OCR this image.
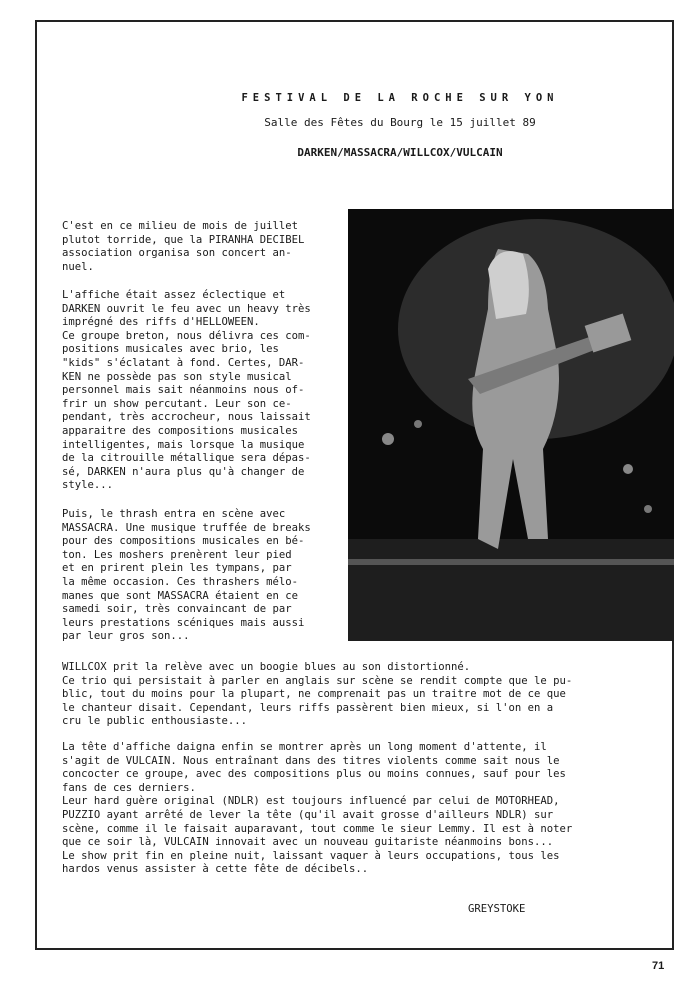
FESTIVAL DE LA ROCHE SUR YON
Salle des Fêtes du Bourg le 15 juillet 89
DARKEN/MASSACRA/WILLCOX/VULCAIN

C'est en ce milieu de mois de juillet
plutot torride, que la PIRANHA DECIBEL
association organisa son concert an-
nuel.

L'affiche était assez éclectique et
DARKEN ouvrit le feu avec un heavy très
imprégné des riffs d'HELLOWEEN.
Ce groupe breton, nous délivra ces com-
positions musicales avec brio, les
"kids" s'éclatant à fond. Certes, DAR-
KEN ne possède pas son style musical
personnel mais sait néanmoins nous of-
frir un show percutant. Leur son ce-
pendant, très accrocheur, nous laissait
apparaitre des compositions musicales
intelligentes, mais lorsque la musique
de la citrouille métallique sera dépas-
sé, DARKEN n'aura plus qu'à changer de
style...

Puis, le thrash entra en scène avec
MASSACRA. Une musique truffée de breaks
pour des compositions musicales en bé-
ton. Les moshers prenèrent leur pied
et en prirent plein les tympans, par
la même occasion. Ces thrashers mélo-
manes que sont MASSACRA étaient en ce
samedi soir, très convaincant de par
leurs prestations scéniques mais aussi
par leur gros son...

WILLCOX prit la relève avec un boogie blues au son distortionné.
Ce trio qui persistait à parler en anglais sur scène se rendit compte que le pu-
blic, tout du moins pour la plupart, ne comprenait pas un traitre mot de ce que
le chanteur disait. Cependant, leurs riffs passèrent bien mieux, si l'on en a
cru le public enthousiaste...

La tête d'affiche daigna enfin se montrer après un long moment d'attente, il
s'agit de VULCAIN. Nous entraînant dans des titres violents comme sait nous le
concocter ce groupe, avec des compositions plus ou moins connues, sauf pour les
fans de ces derniers.
Leur hard guère original (NDLR) est toujours influencé par celui de MOTORHEAD,
PUZZIO ayant arrêté de lever la tête (qu'il avait grosse d'ailleurs NDLR) sur
scène, comme il le faisait auparavant, tout comme le sieur Lemmy. Il est à noter
que ce soir là, VULCAIN innovait avec un nouveau guitariste néanmoins bons...
Le show prit fin en pleine nuit, laissant vaquer à leurs occupations, tous les
hardos venus assister à cette fête de décibels..

GREYSTOKE
71
